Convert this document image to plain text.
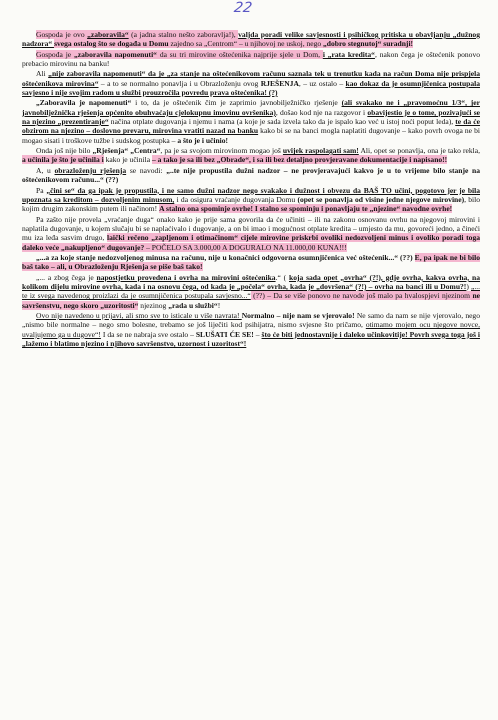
22

Gospoda je ovo „zaboravila“ (a jadna stalno nešto zaboravlja!), valjda poradi velike savjesnosti i psihičkog pritiska u obavljanju „dužnog nadzora“ svega ostalog što se događa u Domu zajedno sa „Centrom“ – u njihovoj ne uskoj, nego „dobro stegnutoj“ suradnji!

Gospođa je „zaboravila napomenuti“ da su tri mirovine oštećenika najprije sjele u Dom, i „rata kredita“, nakon čega je oštećenik ponovo prebacio mirovinu na banku!

Ali „nije zaboravila napomenuti“ da je „za stanje na oštećenikovom računu saznala tek u trenutku kada na račun Doma nije prispjela oštećenikova mirovina“ – a to se normalno ponavlja i u Obrazloženju ovog RJEŠENJA, – uz ostalo – kao dokaz da je osumnjičenica postupala savjesno i nije svojim radom u službi prouzročila povredu prava oštećenika! (?)

„Zaboravila je napomenuti“ i to, da je oštećenik čim je zaprimio javnobilježničko rješenje (ali svakako ne i „pravomoćnu 1/3“, jer javnobilježnička rješenja općenito obuhvaćaju cjelokupnu imovinu ovršenika), došao kod nje na razgovor i obavijestio je o tome, pozivajući se na njezino „prezentiranje“ načina otplate dugovanja i njemu i nama (a koje je sada izvela tako da je ispalo kao već u istoj noći poput leda), te da će obzirom na njezino – doslovno prevaru, mirovina vratiti nazad na banku kako bi se na banci mogla naplatiti dugovanje – kako povrh ovoga ne bi mogao sisati i troškove tužbe i sudskog postupka – a što je i učinio!

Onda još nije bilo „Rješenja“ „Centra“, pa je sa svojom mirovinom mogao još uvijek raspolagati sam! Ali, opet se ponavlja, ona je tako rekla, a učinila je što je učinila i kako je učinila – a tako je sa ili bez „Obrade“, i sa ili bez detaljno provjeravane dokumentacije i napisano!!

A, u obrazloženju rješenja se navodi: „..te nije propustila dužni nadzor – ne provjeravajući kakvo je u to vrijeme bilo stanje na oštećenikovom računu...“ (??)

Pa „čini se“ da ga ipak je propustila, i ne samo dužni nadzor nego svakako i dužnost i obvezu da BAŠ TO učini, pogotovo jer je bila upoznata sa kreditom – dozvoljenim minusom, i da osigura vraćanje dugovanja Domu (opet se ponavlja od visine jedne njegove mirovine), bilo kojim drugim zakonskim putem ili načinom! A stalno ona spominje ovrhe! I stalno se spominju i ponavljaju te „njezine“ navodne ovrhe!

Pa zašto nije provela „vraćanje duga“ onako kako je prije sama govorila da će učiniti – ili na zakonu osnovanu ovrhu na njegovoj mirovini i naplatila dugovanje, u kojem slučaju bi se naplaćivalo i dugovanje, a on bi imao i mogućnost otplate kredita – umjesto da mu, govoreći jedno, a čineći mu iza leđa sasvim drugo, laički rečeno „zapljenom i otimačinom“ cijele mirovine priskrbi ovoliki nedozvoljeni minus i ovoliko poradi toga daleko veće „nakupljeno“ dugovanje? – POČELO SA 3.000,00 A DOGURALO NA 11.000,00 KUNA!!!

„...a za koje stanje nedozvoljenog minusa na računu, nije u konačnici odgovorna osumnjičenica već oštećenik...“ (??) E, pa ipak ne bi bilo baš tako – ali, u Obrazloženju Rješenja se piše baš tako!

„... a zbog čega je napostjetku provedena i ovrha na mirovini oštećenika.“ ( koja sada opet „ovrha“ (?!), gdje ovrha, kakva ovrha, na kolikom dijelu mirovine ovrha, kada i na osnovu čega, od kada je „počela“ ovrha, kada je „dovršena“ (?!) – ovrha na banci ili u Domu?!) „... te iz svega navedenog proizlazi da je osumnjičenica postupala savjesno...“ (??) – Da se više ponovo ne navode još malo pa hvalospjevi njezinom ne savršenstvu, nego skoro „uzoritosti“ njezinog „rada u službi“!

Ovo nije navedeno u prijavi, ali smo sve to isticale u više navrata! Normalno – nije nam se vjerovalo! Ne samo da nam se nije vjerovalo, nego „nismo bile normalne – nego smo bolesne, trebamo se još liječiti kod psihijatra, nismo svjesne što pričamo, otimamo mojem ocu njegove novce, uvaljujemo ga u dugove“! I da se ne nabraja sve ostalo – SLUŠATI ĆE SE! – što će biti jednostavnije i daleko učinkovitije! Povrh svega toga još i „lažemo i blatimo njezino i njihovo savršenstvo, uzornost i uzoritost“!
